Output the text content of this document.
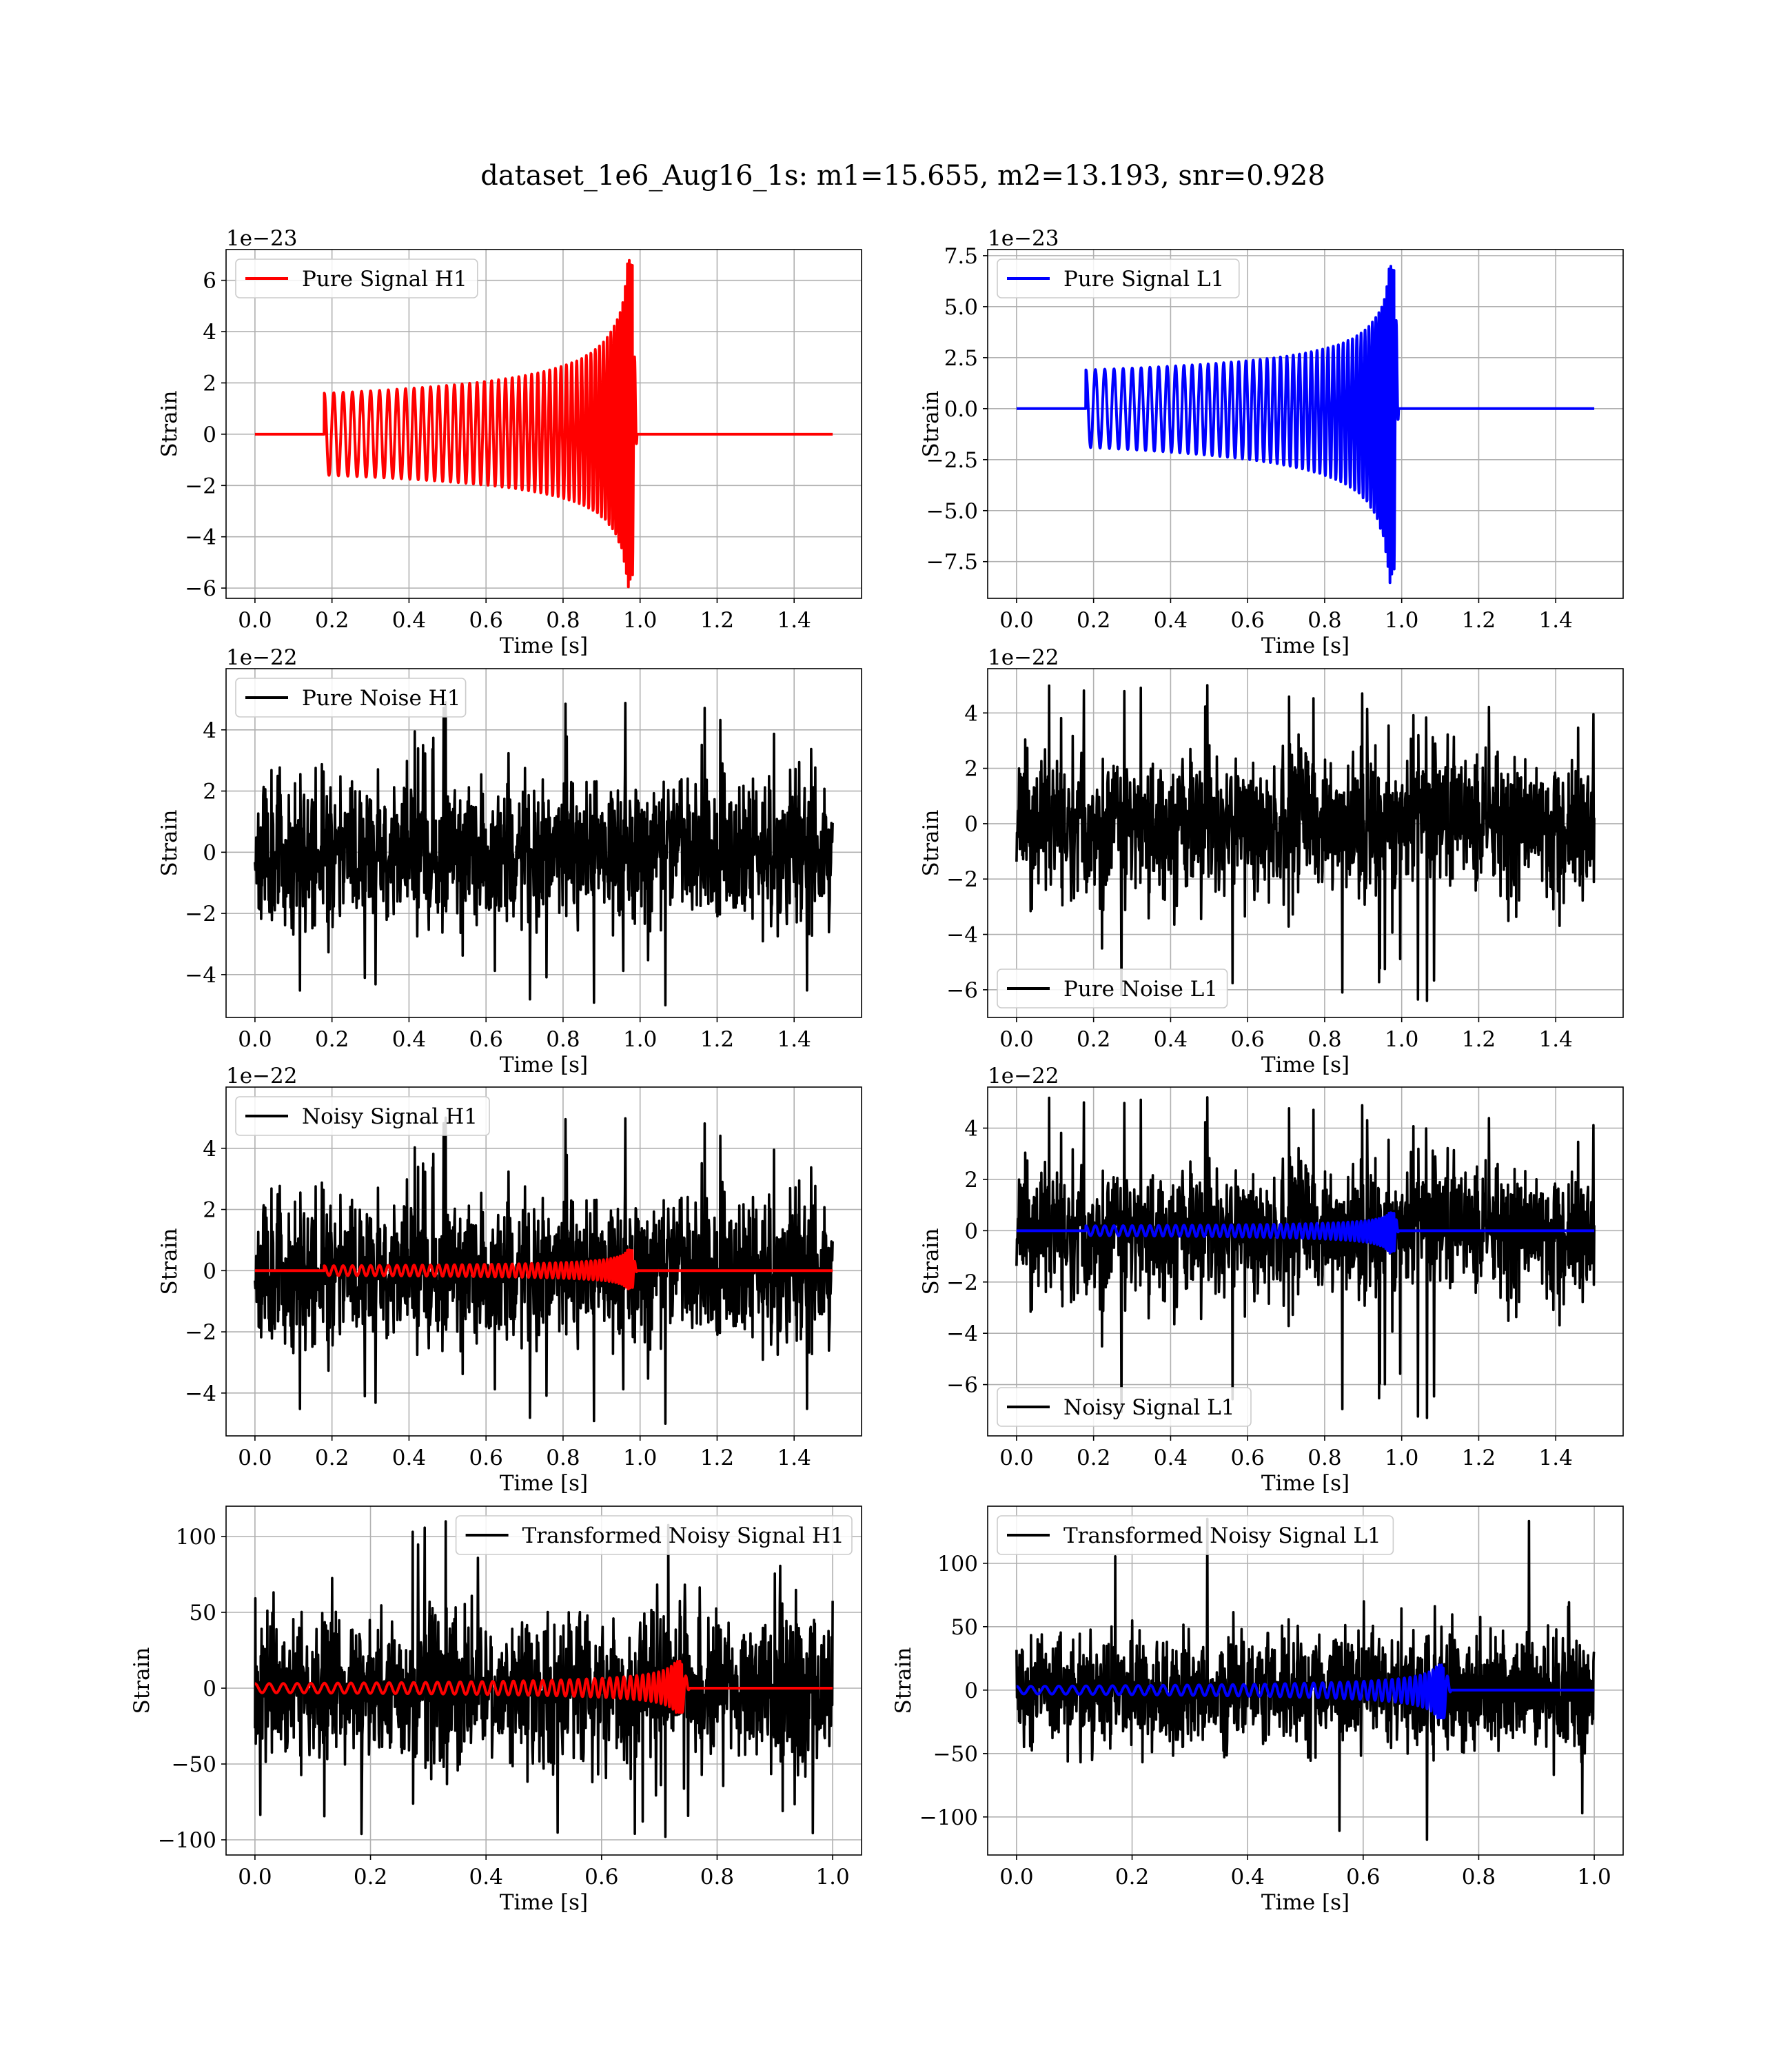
dataset_1e6_Aug16_1s: m1=15.655, m2=13.193, snr=0.928
0.0 0.2 0.4 0.6 0.8 1.0 1.2 1.4
−6
−4
−2
0
2
4
6
Time [s]
Strain
1e−23
Pure Signal H1
0.0 0.2 0.4 0.6 0.8 1.0 1.2 1.4
−7.5
−5.0
−2.5
0.0
2.5
5.0
7.5
Time [s]
Strain
1e−23
Pure Signal L1
0.0 0.2 0.4 0.6 0.8 1.0 1.2 1.4
−4
−2
0
2
4
Time [s]
Strain
1e−22
Pure Noise H1
0.0 0.2 0.4 0.6 0.8 1.0 1.2 1.4
−6
−4
−2
0
2
4
Time [s]
Strain
1e−22
Pure Noise L1
0.0 0.2 0.4 0.6 0.8 1.0 1.2 1.4
−4
−2
0
2
4
Time [s]
Strain
1e−22
Noisy Signal H1
0.0 0.2 0.4 0.6 0.8 1.0 1.2 1.4
−6
−4
−2
0
2
4
Time [s]
Strain
1e−22
Noisy Signal L1
0.0	0.2	0.4	0.6	0.8	1.0
−100
−50
0
50
100
Time [s]
Strain
Transformed Noisy Signal H1
0.0	0.2	0.4	0.6	0.8	1.0
−100
−50
0
50
100
Time [s]
Strain
Transformed Noisy Signal L1
